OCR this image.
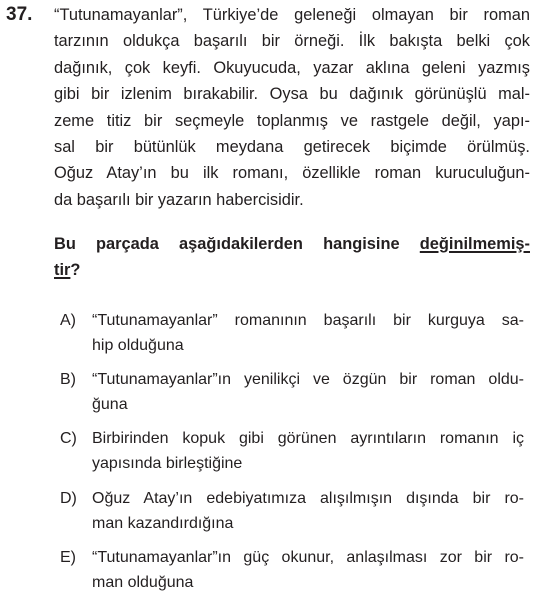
37. “Tutunamayanlar”, Türkiye’de geleneği olmayan bir roman
tarzının oldukça başarılı bir örneği. İlk bakışta belki çok
dağınık, çok keyfi. Okuyucuda, yazar aklına geleni yazmış
gibi bir izlenim bırakabilir. Oysa bu dağınık görünüşlü mal-
zeme titiz bir seçmeyle toplanmış ve rastgele değil, yapı-
sal bir bütünlük meydana getirecek biçimde örülmüş.
Oğuz Atay’ın bu ilk romanı, özellikle roman kuruculuğun-
da başarılı bir yazarın habercisidir.
Bu parçada aşağıdakilerden hangisine değinilmemiş-
tir?
A)	“Tutunamayanlar” romanının başarılı bir kurguya sa-
hip olduğuna
B)	“Tutunamayanlar”ın yenilikçi ve özgün bir roman oldu-
ğuna
C) Birbirinden kopuk gibi görünen ayrıntıların romanın iç
yapısında birleştiğine
D) Oğuz Atay’ın edebiyatımıza alışılmışın dışında bir ro-
man kazandırdığına
E)	“Tutunamayanlar”ın güç okunur, anlaşılması zor bir ro-
man olduğuna
